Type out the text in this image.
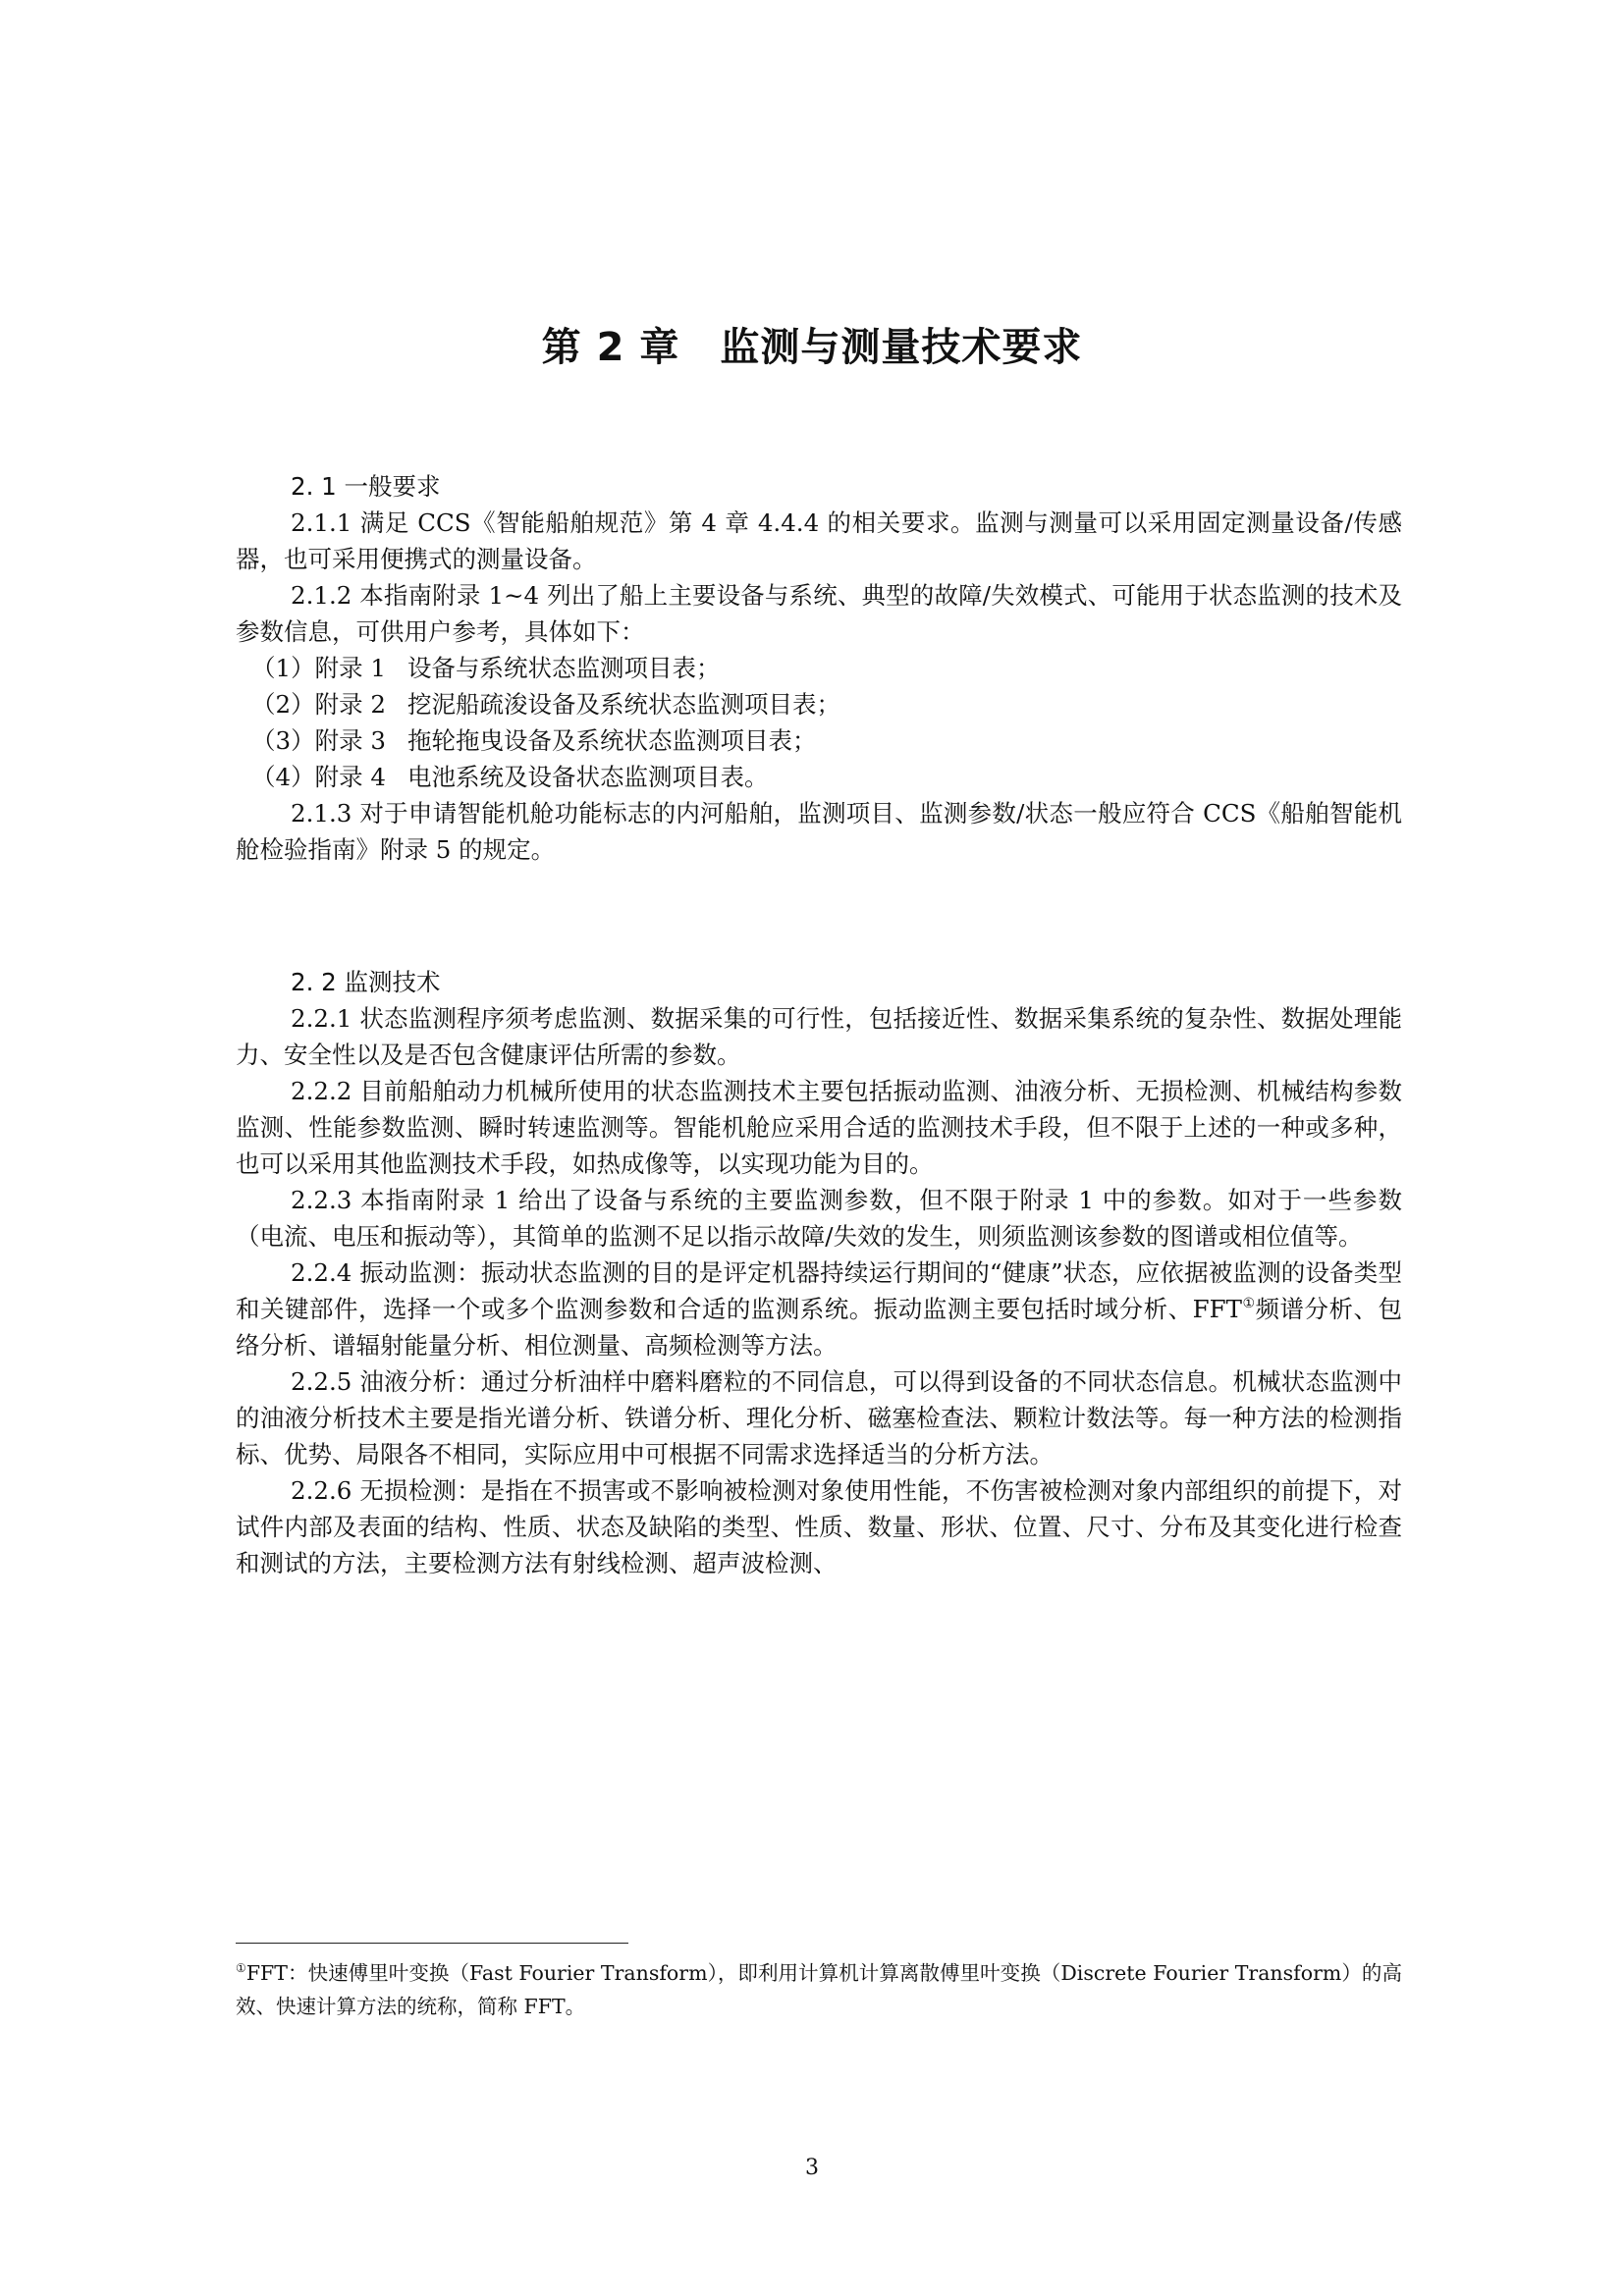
第 2 章　监测与测量技术要求

2. 1 一般要求

2.1.1 满足 CCS《智能船舶规范》第 4 章 4.4.4 的相关要求。监测与测量可以采用固定测量设备/传感器，也可采用便携式的测量设备。

2.1.2 本指南附录 1~4 列出了船上主要设备与系统、典型的故障/失效模式、可能用于状态监测的技术及参数信息，可供用户参考，具体如下：

（1）附录 1 设备与系统状态监测项目表；

（2）附录 2 挖泥船疏浚设备及系统状态监测项目表；

（3）附录 3 拖轮拖曳设备及系统状态监测项目表；

（4）附录 4 电池系统及设备状态监测项目表。

2.1.3 对于申请智能机舱功能标志的内河船舶，监测项目、监测参数/状态一般应符合 CCS《船舶智能机舱检验指南》附录 5 的规定。

2. 2 监测技术

2.2.1 状态监测程序须考虑监测、数据采集的可行性，包括接近性、数据采集系统的复杂性、数据处理能力、安全性以及是否包含健康评估所需的参数。

2.2.2 目前船舶动力机械所使用的状态监测技术主要包括振动监测、油液分析、无损检测、机械结构参数监测、性能参数监测、瞬时转速监测等。智能机舱应采用合适的监测技术手段，但不限于上述的一种或多种，也可以采用其他监测技术手段，如热成像等，以实现功能为目的。

2.2.3 本指南附录 1 给出了设备与系统的主要监测参数，但不限于附录 1 中的参数。如对于一些参数（电流、电压和振动等），其简单的监测不足以指示故障/失效的发生，则须监测该参数的图谱或相位值等。

2.2.4 振动监测：振动状态监测的目的是评定机器持续运行期间的“健康”状态，应依据被监测的设备类型和关键部件，选择一个或多个监测参数和合适的监测系统。振动监测主要包括时域分析、FFT①频谱分析、包络分析、谱辐射能量分析、相位测量、高频检测等方法。

2.2.5 油液分析：通过分析油样中磨料磨粒的不同信息，可以得到设备的不同状态信息。机械状态监测中的油液分析技术主要是指光谱分析、铁谱分析、理化分析、磁塞检查法、颗粒计数法等。每一种方法的检测指标、优势、局限各不相同，实际应用中可根据不同需求选择适当的分析方法。

2.2.6 无损检测：是指在不损害或不影响被检测对象使用性能，不伤害被检测对象内部组织的前提下，对试件内部及表面的结构、性质、状态及缺陷的类型、性质、数量、形状、位置、尺寸、分布及其变化进行检查和测试的方法，主要检测方法有射线检测、超声波检测、

①FFT：快速傅里叶变换（Fast Fourier Transform），即利用计算机计算离散傅里叶变换（Discrete Fourier Transform）的高效、快速计算方法的统称，简称 FFT。
3
